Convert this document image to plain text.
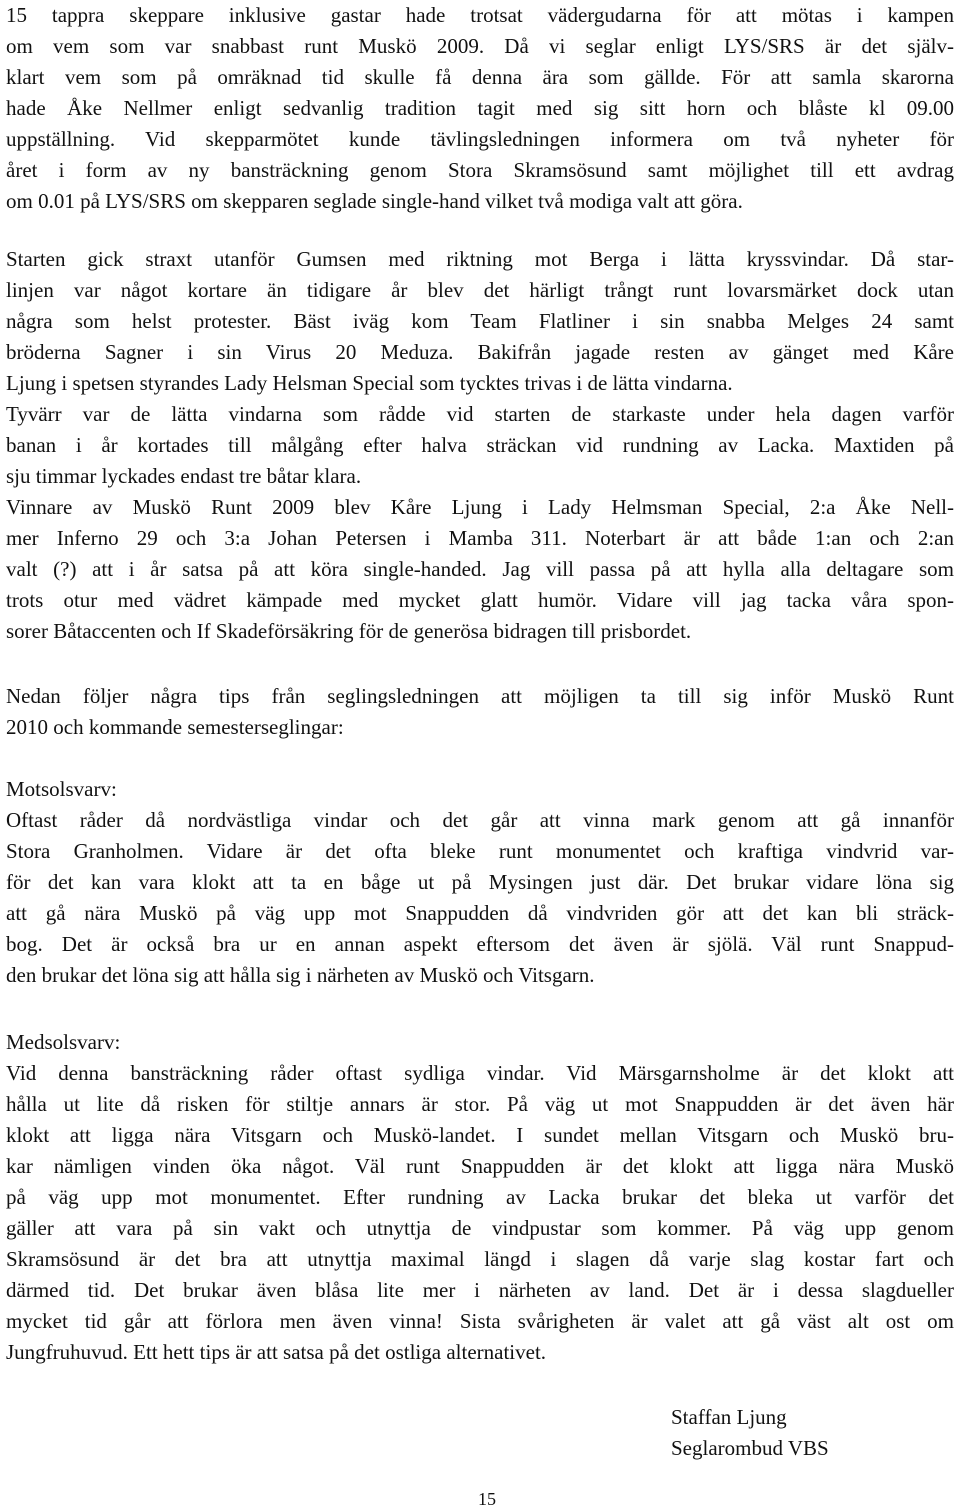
15 tappra skeppare inklusive gastar hade trotsat vädergudarna för att mötas i kampen
om vem som var snabbast runt Muskö 2009. Då vi seglar enligt LYS/SRS är det själv-
klart vem som på omräknad tid skulle få denna ära som gällde. För att samla skarorna
hade Åke Nellmer enligt sedvanlig tradition tagit med sig sitt horn och blåste kl 09.00
uppställning. Vid skepparmötet kunde tävlingsledningen informera om två nyheter för
året i form av ny bansträckning genom Stora Skramsösund samt möjlighet till ett avdrag
om 0.01 på LYS/SRS om skepparen seglade single-hand vilket två modiga valt att göra.
Starten gick straxt utanför Gumsen med riktning mot Berga i lätta kryssvindar. Då star-
linjen var något kortare än tidigare år blev det härligt trångt runt lovarsmärket dock utan
några som helst protester. Bäst iväg kom Team Flatliner i sin snabba Melges 24 samt
bröderna Sagner i sin Virus 20 Meduza. Bakifrån jagade resten av gänget med Kåre
Ljung i spetsen styrandes Lady Helsman Special som tycktes trivas i de lätta vindarna.
Tyvärr var de lätta vindarna som rådde vid starten de starkaste under hela dagen varför
banan i år kortades till målgång efter halva sträckan vid rundning av Lacka. Maxtiden på
sju timmar lyckades endast tre båtar klara.
Vinnare av Muskö Runt 2009 blev Kåre Ljung i Lady Helmsman Special, 2:a Åke Nell-
mer Inferno 29 och 3:a Johan Petersen i Mamba 311. Noterbart är att både 1:an och 2:an
valt (?) att i år satsa på att köra single-handed. Jag vill passa på att hylla alla deltagare som
trots otur med vädret kämpade med mycket glatt humör. Vidare vill jag tacka våra spon-
sorer Båtaccenten och If Skadeförsäkring för de generösa bidragen till prisbordet.
Nedan följer några tips från seglingsledningen att möjligen ta till sig inför Muskö Runt
2010 och kommande semesterseglingar:
Motsolsvarv:
Oftast råder då nordvästliga vindar och det går att vinna mark genom att gå innanför
Stora Granholmen. Vidare är det ofta bleke runt monumentet och kraftiga vindvrid var-
för det kan vara klokt att ta en båge ut på Mysingen just där. Det brukar vidare löna sig
att gå nära Muskö på väg upp mot Snappudden då vindvriden gör att det kan bli sträck-
bog. Det är också bra ur en annan aspekt eftersom det även är sjölä. Väl runt Snappud-
den brukar det löna sig att hålla sig i närheten av Muskö och Vitsgarn.
Medsolsvarv:
Vid denna bansträckning råder oftast sydliga vindar. Vid Märsgarnsholme är det klokt att
hålla ut lite då risken för stiltje annars är stor. På väg ut mot Snappudden är det även här
klokt att ligga nära Vitsgarn och Muskö-landet. I sundet mellan Vitsgarn och Muskö bru-
kar nämligen vinden öka något. Väl runt Snappudden är det klokt att ligga nära Muskö
på väg upp mot monumentet. Efter rundning av Lacka brukar det bleka ut varför det
gäller att vara på sin vakt och utnyttja de vindpustar som kommer. På väg upp genom
Skramsösund är det bra att utnyttja maximal längd i slagen då varje slag kostar fart och
därmed tid. Det brukar även blåsa lite mer i närheten av land. Det är i dessa slagdueller
mycket tid går att förlora men även vinna! Sista svårigheten är valet att gå väst alt ost om
Jungfruhuvud. Ett hett tips är att satsa på det ostliga alternativet.
Staffan Ljung
Seglarombud VBS
15
